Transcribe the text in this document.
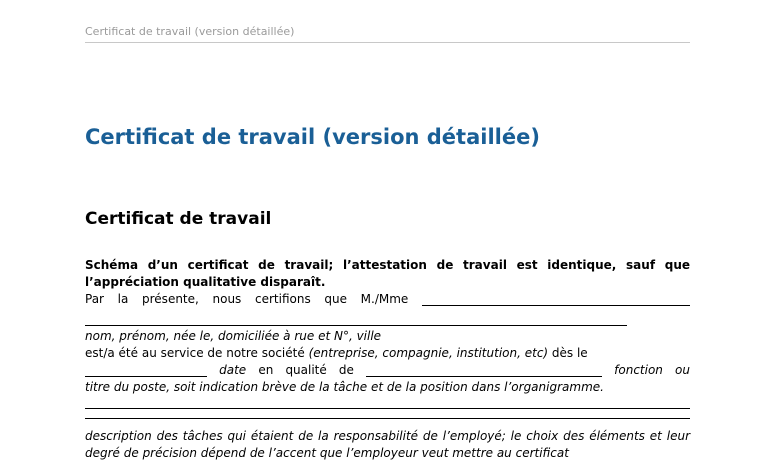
Certificat de travail (version détaillée)
Certificat de travail (version détaillée)
Certificat de travail

Schéma d’un certificat de travail; l’attestation de travail est identique, sauf que l’appréciation qualitative disparaît.

Par la présente, nous certifions que M./Mme
nom, prénom, née le, domiciliée à rue et N°, ville
est/a été au service de notre société (entreprise, compagnie, institution, etc) dès le
date en qualité de	fonction ou
titre du poste, soit indication brève de la tâche et de la position dans l’organigramme.

description des tâches qui étaient de la responsabilité de l’employé; le choix des éléments et leur degré de précision dépend de l’accent que l’employeur veut mettre au certificat
